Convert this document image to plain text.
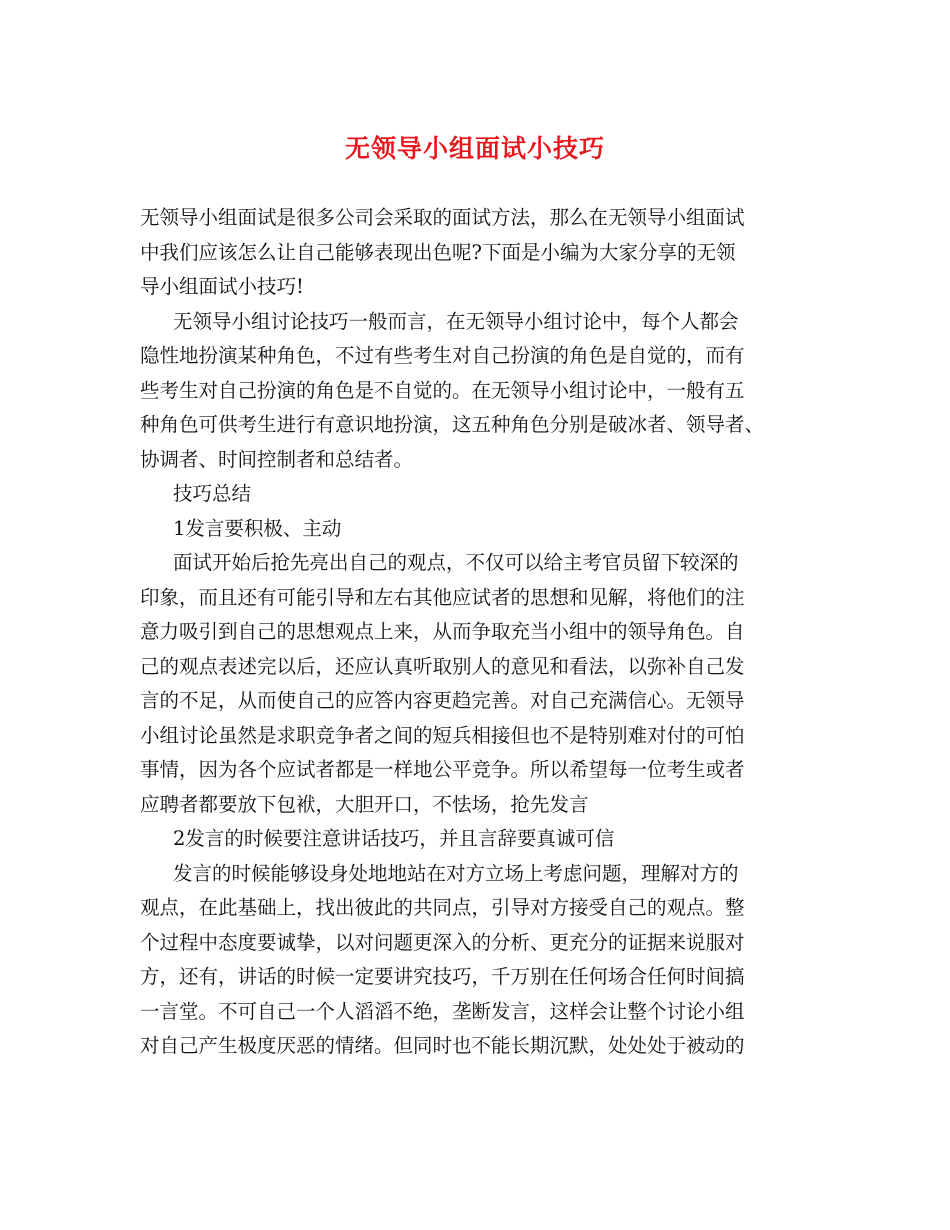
无领导小组面试小技巧
无领导小组面试是很多公司会采取的面试方法，那么在无领导小组面试
中我们应该怎么让自己能够表现出色呢?下面是小编为大家分享的无领
导小组面试小技巧!
无领导小组讨论技巧一般而言，在无领导小组讨论中，每个人都会
隐性地扮演某种角色，不过有些考生对自己扮演的角色是自觉的，而有
些考生对自己扮演的角色是不自觉的。在无领导小组讨论中，一般有五
种角色可供考生进行有意识地扮演，这五种角色分别是破冰者、领导者、
协调者、时间控制者和总结者。
技巧总结
1发言要积极、主动
面试开始后抢先亮出自己的观点，不仅可以给主考官员留下较深的
印象，而且还有可能引导和左右其他应试者的思想和见解，将他们的注
意力吸引到自己的思想观点上来，从而争取充当小组中的领导角色。自
己的观点表述完以后，还应认真听取别人的意见和看法，以弥补自己发
言的不足，从而使自己的应答内容更趋完善。对自己充满信心。无领导
小组讨论虽然是求职竞争者之间的短兵相接但也不是特别难对付的可怕
事情，因为各个应试者都是一样地公平竞争。所以希望每一位考生或者
应聘者都要放下包袱，大胆开口，不怯场，抢先发言
2发言的时候要注意讲话技巧，并且言辞要真诚可信
发言的时候能够设身处地地站在对方立场上考虑问题，理解对方的
观点，在此基础上，找出彼此的共同点，引导对方接受自己的观点。整
个过程中态度要诚挚，以对问题更深入的分析、更充分的证据来说服对
方，还有，讲话的时候一定要讲究技巧，千万别在任何场合任何时间搞
一言堂。不可自己一个人滔滔不绝，垄断发言，这样会让整个讨论小组
对自己产生极度厌恶的情绪。但同时也不能长期沉默，处处处于被动的
